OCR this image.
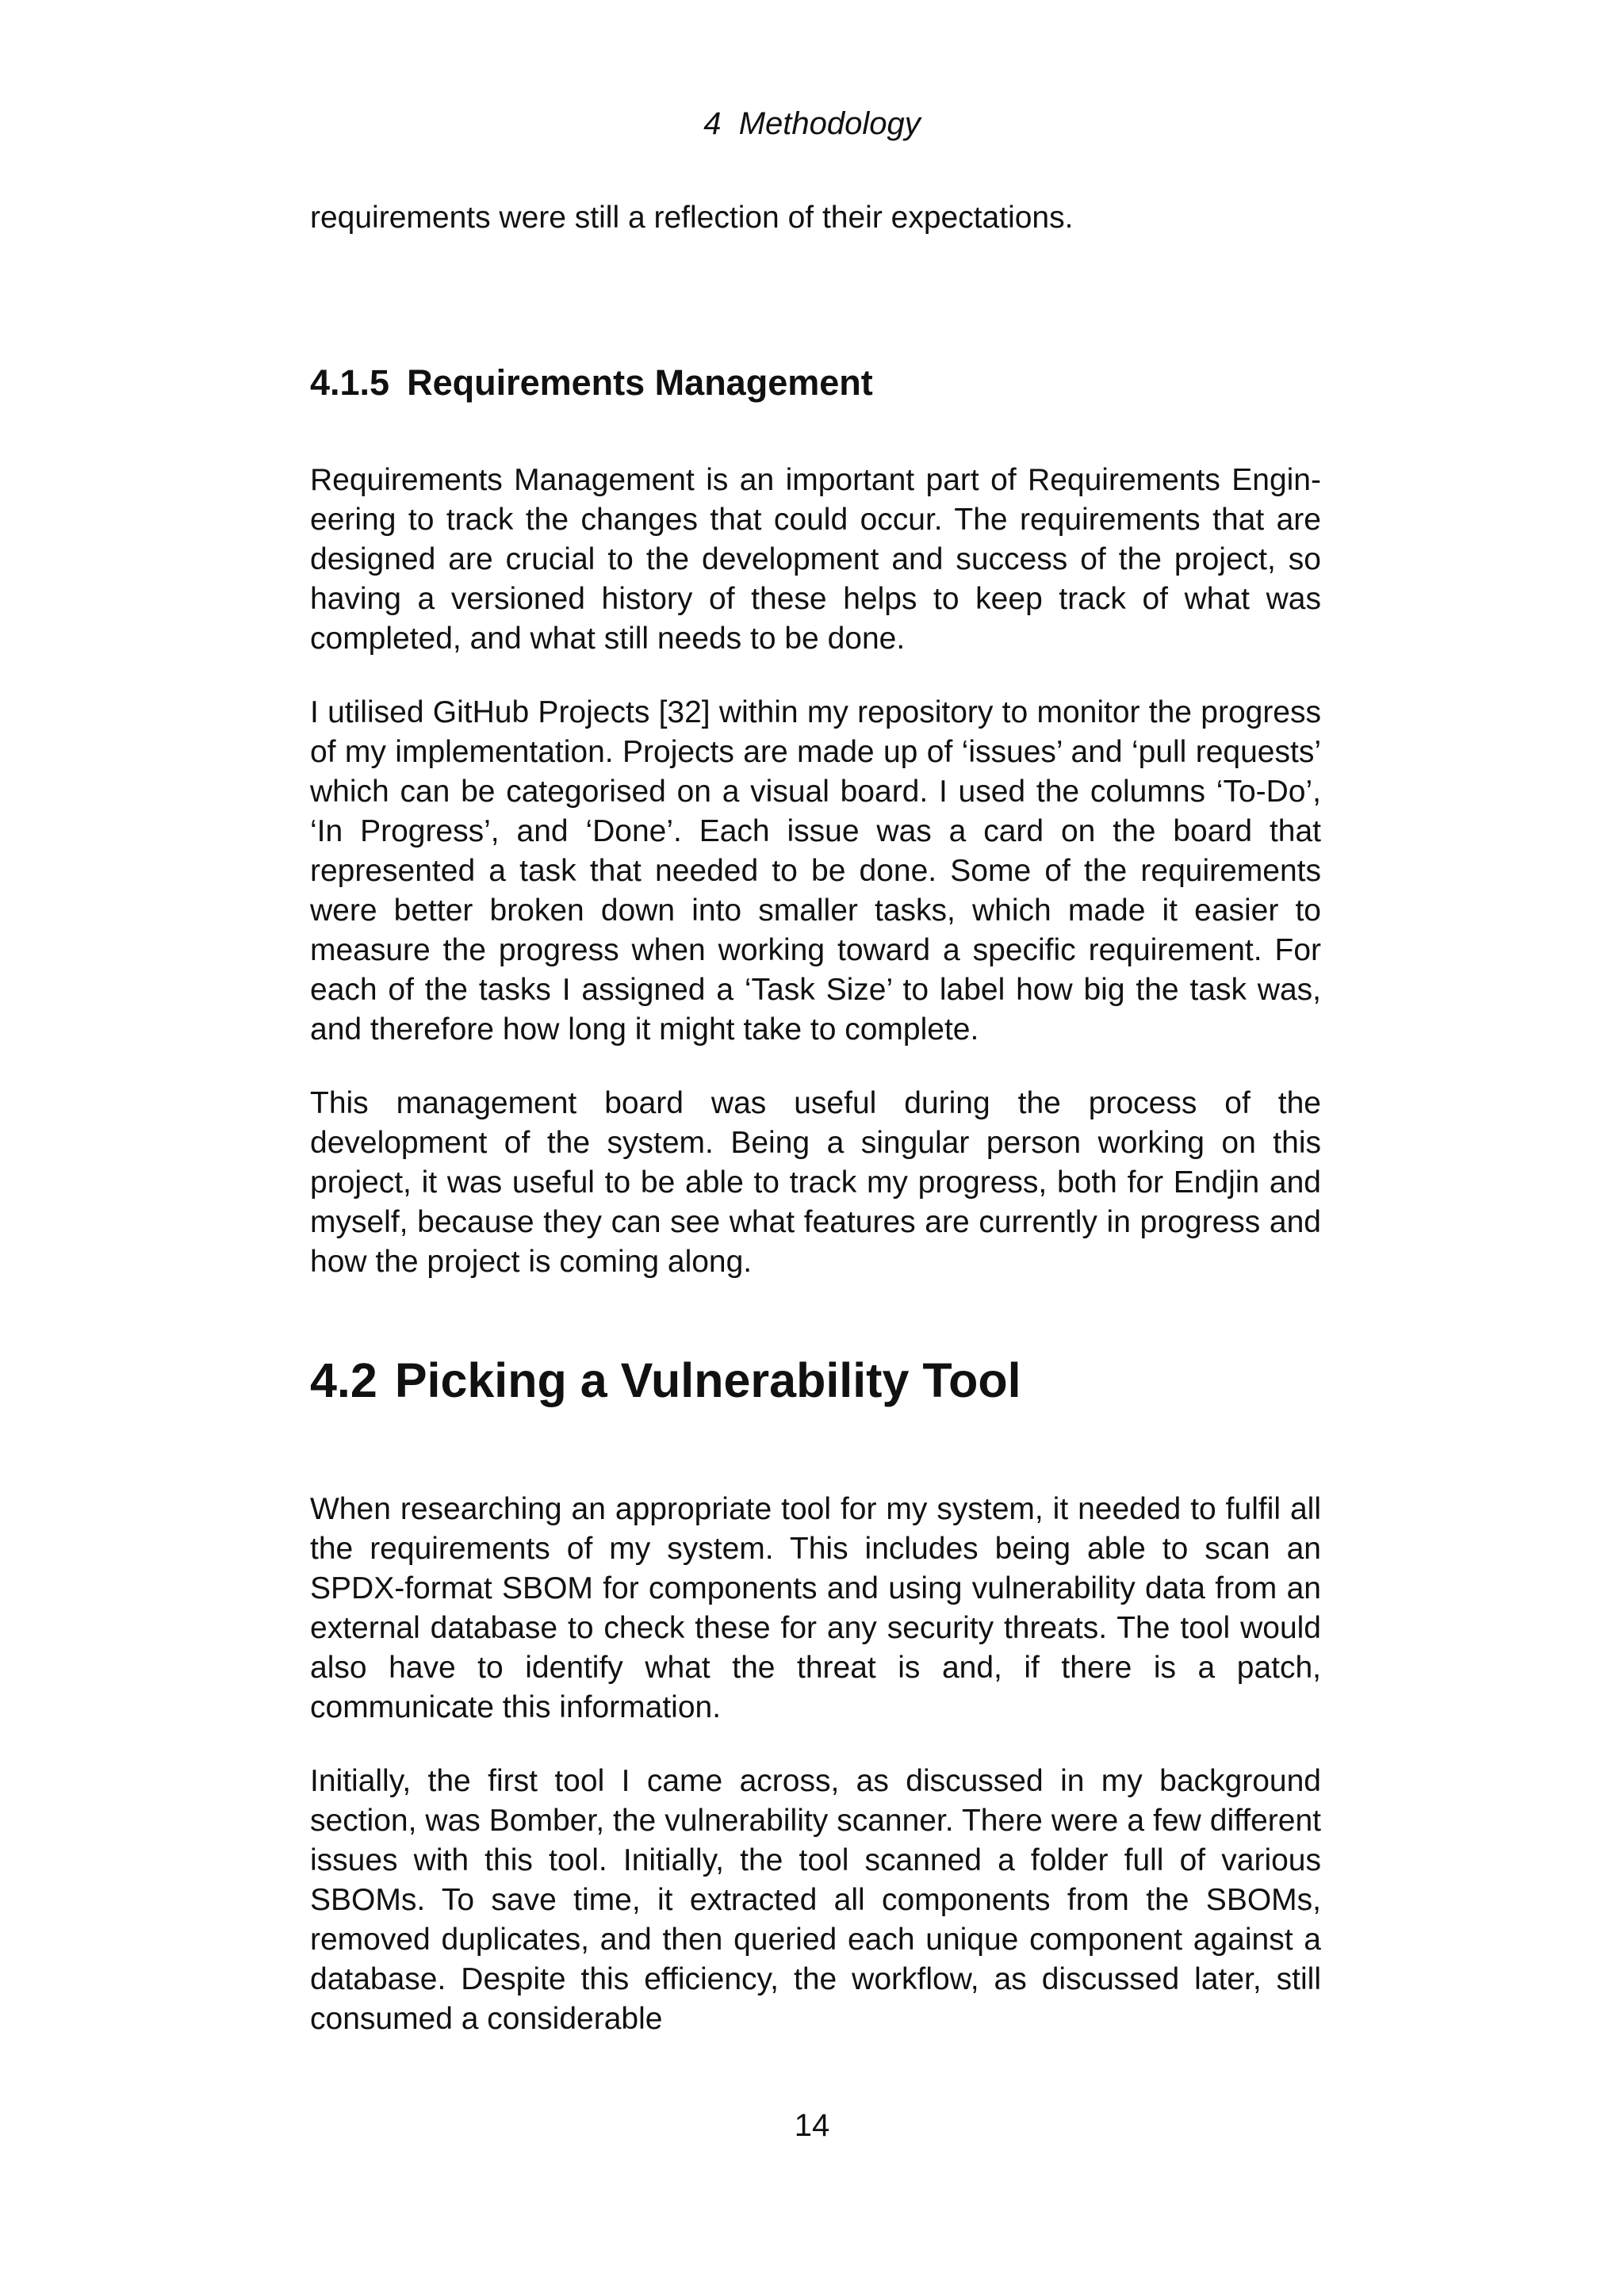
4 Methodology

requirements were still a reflection of their expectations.

4.1.5 Requirements Management

Requirements Management is an important part of Requirements Engineering to track the changes that could occur. The requirements that are designed are crucial to the development and success of the project, so having a versioned history of these helps to keep track of what was completed, and what still needs to be done.

I utilised GitHub Projects [32] within my repository to monitor the progress of my implementation. Projects are made up of ‘issues’ and ‘pull requests’ which can be categorised on a visual board. I used the columns ‘To-Do’, ‘In Progress’, and ‘Done’. Each issue was a card on the board that represented a task that needed to be done. Some of the requirements were better broken down into smaller tasks, which made it easier to measure the progress when working toward a specific requirement. For each of the tasks I assigned a ‘Task Size’ to label how big the task was, and therefore how long it might take to complete.

This management board was useful during the process of the development of the system. Being a singular person working on this project, it was useful to be able to track my progress, both for Endjin and myself, because they can see what features are currently in progress and how the project is coming along.

4.2 Picking a Vulnerability Tool

When researching an appropriate tool for my system, it needed to fulfil all the requirements of my system. This includes being able to scan an SPDX-format SBOM for components and using vulnerability data from an external database to check these for any security threats. The tool would also have to identify what the threat is and, if there is a patch, communicate this information.

Initially, the first tool I came across, as discussed in my background section, was Bomber, the vulnerability scanner. There were a few different issues with this tool. Initially, the tool scanned a folder full of various SBOMs. To save time, it extracted all components from the SBOMs, removed duplicates, and then queried each unique component against a database. Despite this efficiency, the workflow, as discussed later, still consumed a considerable

14
